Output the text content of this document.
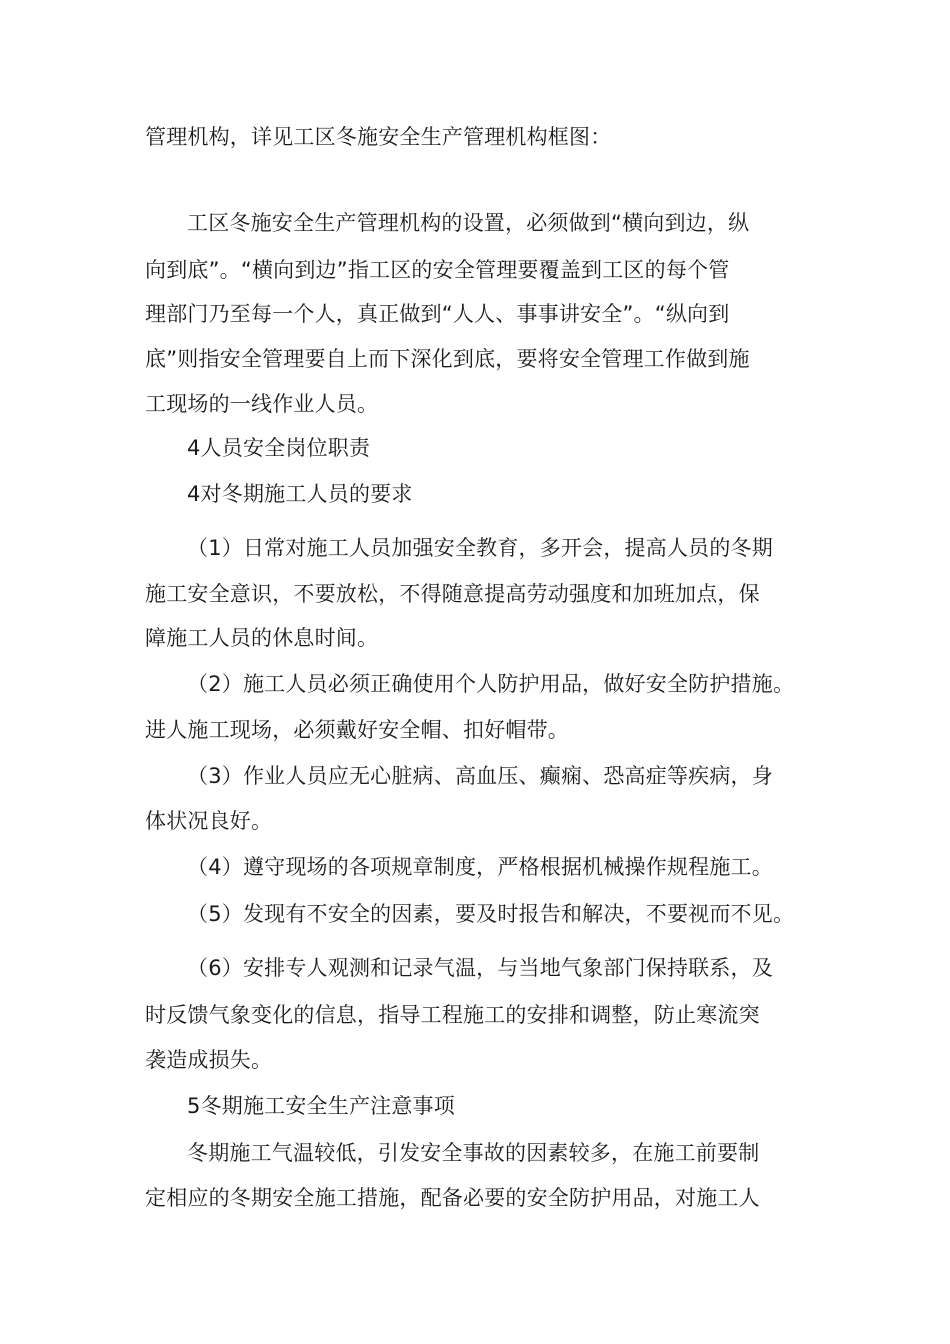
管理机构，详见工区冬施安全生产管理机构框图：

工区冬施安全生产管理机构的设置，必须做到“横向到边，纵

向到底”。“横向到边”指工区的安全管理要覆盖到工区的每个管

理部门乃至每一个人，真正做到“人人、事事讲安全”。“纵向到

底”则指安全管理要自上而下深化到底，要将安全管理工作做到施

工现场的一线作业人员。

4人员安全岗位职责

4对冬期施工人员的要求

（1）日常对施工人员加强安全教育，多开会，提高人员的冬期

施工安全意识，不要放松，不得随意提高劳动强度和加班加点，保

障施工人员的休息时间。

（2）施工人员必须正确使用个人防护用品，做好安全防护措施。

进人施工现场，必须戴好安全帽、扣好帽带。

（3）作业人员应无心脏病、高血压、癫痫、恐高症等疾病，身

体状况良好。

（4）遵守现场的各项规章制度，严格根据机械操作规程施工。

（5）发现有不安全的因素，要及时报告和解决，不要视而不见。

（6）安排专人观测和记录气温，与当地气象部门保持联系，及

时反馈气象变化的信息，指导工程施工的安排和调整，防止寒流突

袭造成损失。

5冬期施工安全生产注意事项

冬期施工气温较低，引发安全事故的因素较多，在施工前要制

定相应的冬期安全施工措施，配备必要的安全防护用品，对施工人
